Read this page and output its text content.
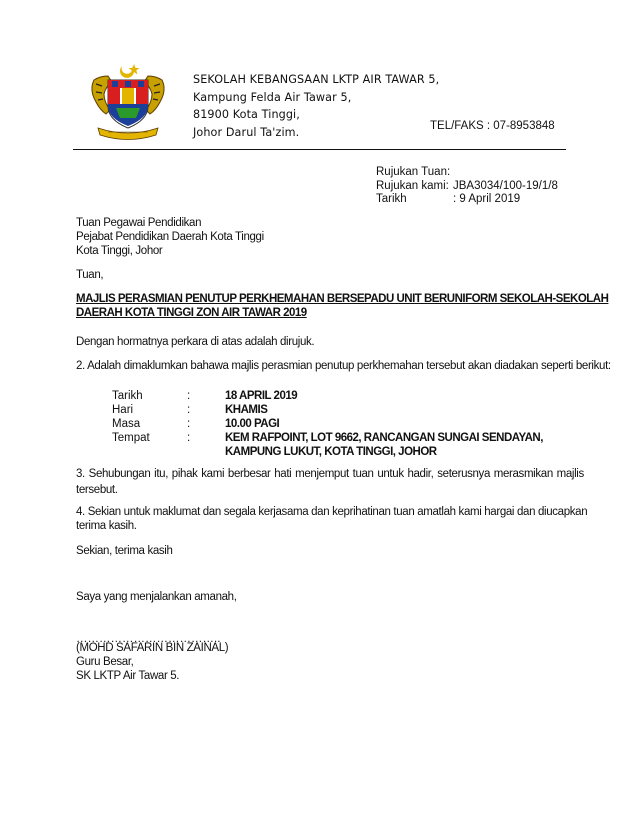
SEKOLAH KEBANGSAAN LKTP AIR TAWAR 5,
Kampung Felda Air Tawar 5,
81900 Kota Tinggi,
Johor Darul Ta'zim.	TEL/FAKS : 07-8953848
Rujukan Tuan:
Rujukan kami: JBA3034/100-19/1/8
Tarikh	: 9 April 2019
Tuan Pegawai Pendidikan
Pejabat Pendidikan Daerah Kota Tinggi
Kota Tinggi, Johor
Tuan,
MAJLIS PERASMIAN PENUTUP PERKHEMAHAN BERSEPADU UNIT BERUNIFORM SEKOLAH-SEKOLAH
DAERAH KOTA TINGGI ZON AIR TAWAR 2019
Dengan hormatnya perkara di atas adalah dirujuk.
2. Adalah dimaklumkan bahawa majlis perasmian penutup perkhemahan tersebut akan diadakan seperti berikut:
Tarikh	:	18 APRIL 2019
Hari	:	KHAMIS
Masa	:	10.00 PAGI
Tempat	:	KEM RAFPOINT, LOT 9662, RANCANGAN SUNGAI SENDAYAN,
KAMPUNG LUKUT, KOTA TINGGI, JOHOR
3. Sehubungan itu, pihak kami berbesar hati menjemput tuan untuk hadir, seterusnya merasmikan majlis
tersebut.
4. Sekian untuk maklumat dan segala kerjasama dan keprihatinan tuan amatlah kami hargai dan diucapkan
terima kasih.
Sekian, terima kasih
Saya yang menjalankan amanah,
………………………………..
(MOHD SAFARIN BIN ZAINAL)
Guru Besar,
SK LKTP Air Tawar 5.
